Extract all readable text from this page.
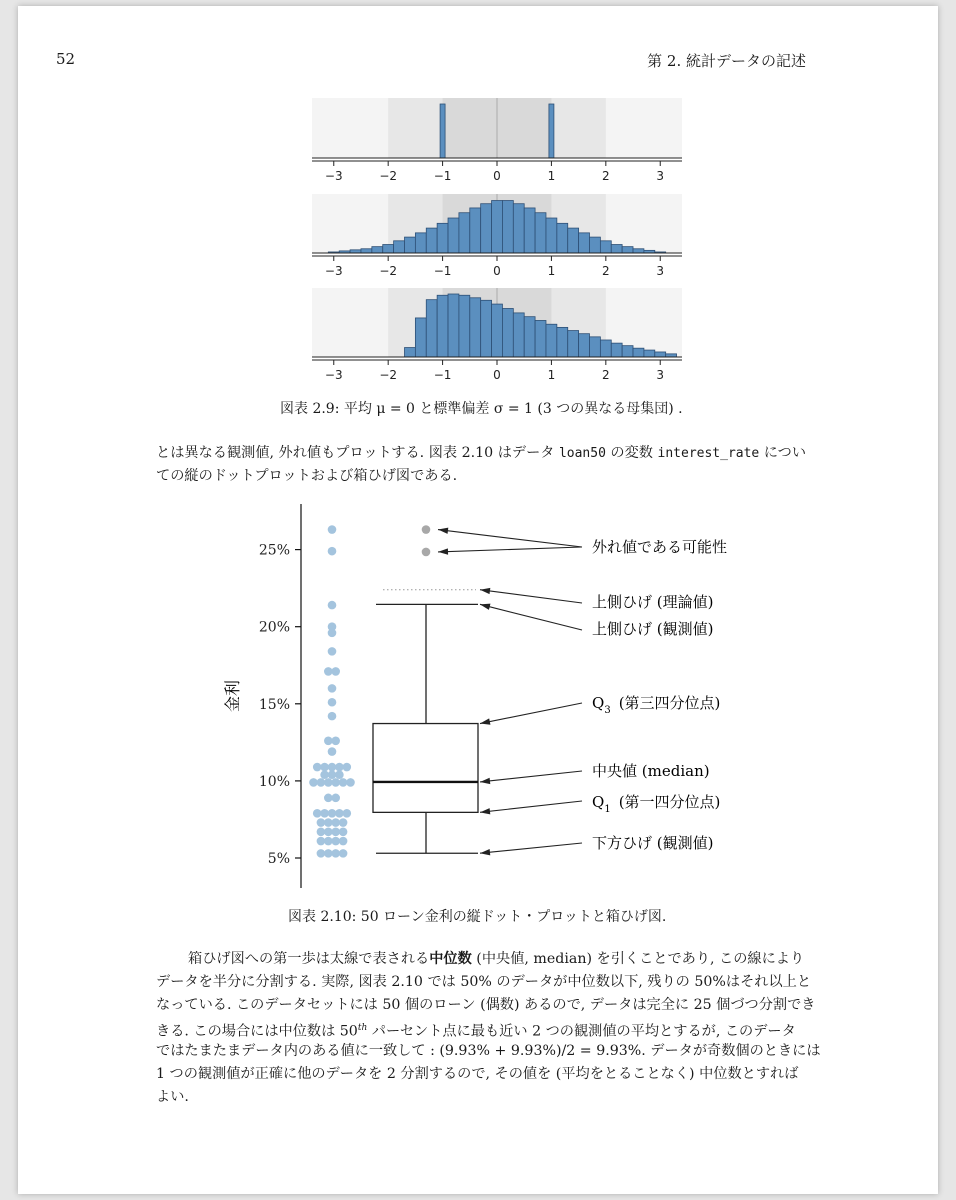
52	第 2. 統計データの記述
−3	−2	−1	0	1	2	3
−3	−2	−1	0	1	2	3
−3	−2	−1	0	1	2	3
図表 2.9: 平均 μ = 0 と標準偏差 σ = 1 (3 つの異なる母集団) .
とは異なる観測値, 外れ値もプロットする. 図表 2.10 はデータ loan50 の変数 interest_rate につい
ての縦のドットプロットおよび箱ひげ図である.
金利
5%
10%
15%
20%
25%	外れ値である可能性
上側ひげ (理論値)
上側ひげ (観測値)
$Q_3$ (第三四分位点)
中央値 (median)
$Q_1$ (第一四分位点)
下方ひげ (観測値)
図表 2.10: 50 ローン金利の縦ドット・プロットと箱ひげ図.
箱ひげ図への第一歩は太線で表される中位数 (中央値, median) を引くことであり, この線により
データを半分に分割する. 実際, 図表 2.10 では 50% のデータが中位数以下, 残りの 50%はそれ以上と
なっている. このデータセットには 50 個のローン (偶数) あるので, データは完全に 25 個づつ分割でき
きる. この場合には中位数は 50th パーセント点に最も近い 2 つの観測値の平均とするが, このデータ
ではたまたまデータ内のある値に一致して : (9.93% + 9.93%)/2 = 9.93%. データが奇数個のときには
1 つの観測値が正確に他のデータを 2 分割するので, その値を (平均をとることなく) 中位数とすれば
よい.
